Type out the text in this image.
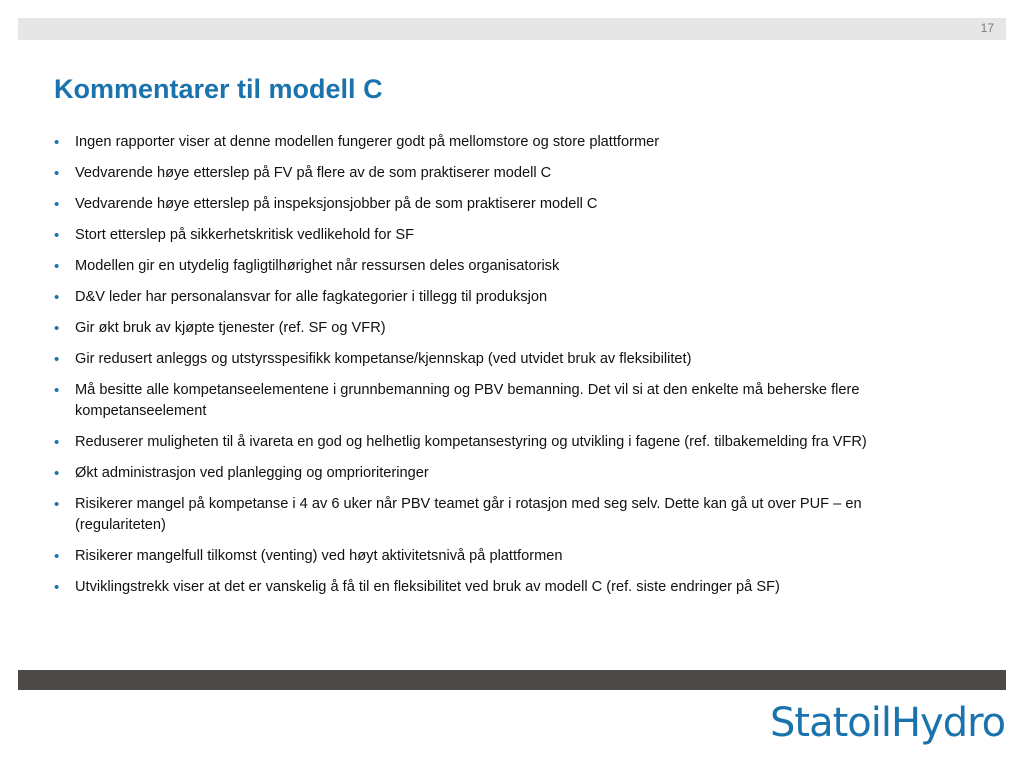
17
Kommentarer til modell C
• Ingen rapporter viser at denne modellen fungerer godt på mellomstore og store plattformer
• Vedvarende høye etterslep på FV på flere av de som praktiserer modell C
• Vedvarende høye etterslep på inspeksjonsjobber på de som praktiserer modell C
• Stort etterslep på sikkerhetskritisk vedlikehold for SF
• Modellen gir en utydelig fagligtilhørighet når ressursen deles organisatorisk
• D&V leder har personalansvar for alle fagkategorier i tillegg til produksjon
• Gir økt bruk av kjøpte tjenester (ref. SF og VFR)
• Gir redusert anleggs og utstyrsspesifikk kompetanse/kjennskap (ved utvidet bruk av fleksibilitet)
• Må besitte alle kompetanseelementene i grunnbemanning og PBV bemanning. Det vil si at den enkelte må beherske flere kompetanseelement
• Reduserer muligheten til å ivareta en god og helhetlig kompetansestyring og utvikling i fagene (ref. tilbakemelding fra VFR)
• Økt administrasjon ved planlegging og omprioriteringer
• Risikerer mangel på kompetanse i 4 av 6 uker når PBV teamet går i rotasjon med seg selv. Dette kan gå ut over PUF – en (regulariteten)
• Risikerer mangelfull tilkomst (venting) ved høyt aktivitetsnivå på plattformen
• Utviklingstrekk viser at det er vanskelig å få til en fleksibilitet ved bruk av modell C (ref. siste endringer på SF)
StatoilHydro
